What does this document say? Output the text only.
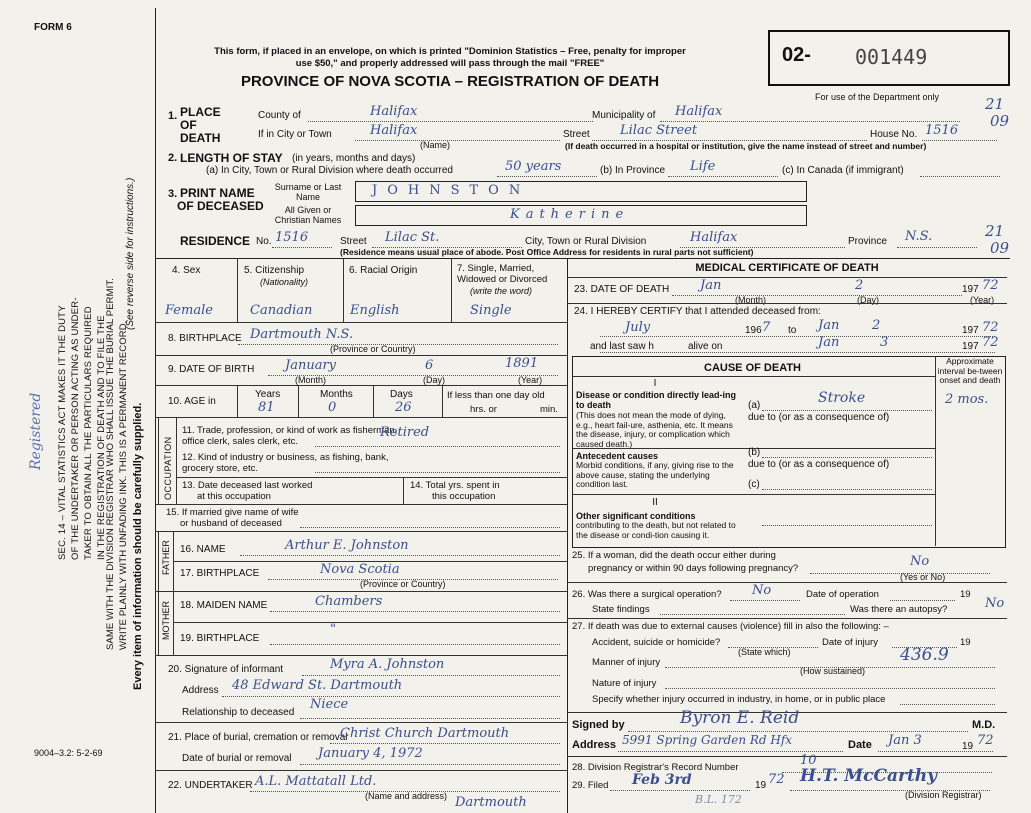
FORM 6
(See reverse side for instructions.)
SEC. 14 – VITAL STATISTICS ACT MAKES IT THE DUTY OF THE UNDERTAKER OR PERSON ACTING AS UNDER- TAKER TO OBTAIN ALL THE PARTICULARS REQUIRED IN THE REGISTRATION OF DEATH AND TO FILE THE
SAME WITH THE DIVISION REGISTRAR WHO SHALL ISSUE THE BURIAL PERMIT. WRITE PLAINLY WITH UNFADING INK. THIS IS A PERMANENT RECORD. Every item of information should be carefully supplied.
Registered
9004–3.2: 5-2-69
This form, if placed in an envelope, on which is printed "Dominion Statistics – Free, penalty for improper
use $50," and properly addressed will pass through the mail "FREE"
PROVINCE OF NOVA SCOTIA – REGISTRATION OF DEATH
02- 001449
For use of the Department only	21
09
1. PLACE OF DEATH
County of	Halifax	Municipality of Halifax
If in City or Town	Halifax
(Name)
Street Lilac Street	House No. 1516
(If death occurred in a hospital or institution, give the name instead of street and number)
2. LENGTH OF STAY (in years, months and days)
(a) In City, Town or Rural Division where death occurred	50 years	(b) In Province Life	(c) In Canada (if immigrant)
3. PRINT NAME
OF DECEASED
Surname or Last Name
All Given or Christian Names
JOHNSTON
Katherine
RESIDENCE No. 1516	Street Lilac St.	City, Town or Rural Division	Halifax	Province N.S.	21
09
(Residence means usual place of abode. Post Office Address for residents in rural parts not sufficient)
4. Sex	5. Citizenship
(Nationality)
6. Racial Origin	7. Single, Married, Widowed or Divorced
(write the word)
Female	Canadian	English	Single
8. BIRTHPLACE Dartmouth N.S.
(Province or Country)
9. DATE OF BIRTH January	6	1891
(Month)	(Day)	(Year)
10. AGE in
Years	Months	Days
81	0	26
If less than one day old
hrs. or	min.
OCCUPATION
11. Trade, profession, or kind of work as fisherman, office clerk, sales clerk, etc.
Retired
12. Kind of industry or business, as fishing, bank, grocery store, etc.
13. Date deceased last worked
at this occupation
14. Total yrs. spent in
this occupation
15. If married give name of wife
or husband of deceased
FATHER 16. NAME	Arthur E. Johnston
17. BIRTHPLACE	Nova Scotia
(Province or Country)
MOTHER 18. MAIDEN NAME	Chambers
19. BIRTHPLACE
"
20. Signature of informant	Myra A. Johnston
Address 48 Edward St. Dartmouth
Relationship to deceased
Niece
21. Place of burial, cremation or removal
Christ Church Dartmouth
Date of burial or removal January 4, 1972
22. UNDERTAKER A.L. Mattatall Ltd.
(Name and address) Dartmouth
MEDICAL CERTIFICATE OF DEATH
23. DATE OF DEATH Jan	2	197 72
(Month)	(Day)	(Year)
24. I HEREBY CERTIFY that I attended deceased from:
July	196 7 to Jan	2	197 72
and last saw h	alive on	Jan	3	197 72
CAUSE OF DEATH
Approximate interval be-tween onset and death
I
Disease or condition directly lead-ing to death
(This does not mean the mode of dying, e.g., heart fail-ure, asthenia, etc. It means the disease, injury, or complication which caused death.)
(a)	Stroke	2 mos.
due to (or as a consequence of)
Antecedent causes
Morbid conditions, if any, giving rise to the above cause, stating the underlying condition last.
(b)
due to (or as a consequence of)
(c)
II
Other significant conditions
contributing to the death, but not related to the disease or condi-tion causing it.
25. If a woman, did the death occur either during
pregnancy or within 90 days following pregnancy?	No
(Yes or No)
26. Was there a surgical operation? No	Date of operation	19
State findings	Was there an autopsy?	No
27. If death was due to external causes (violence) fill in also the following: –
Accident, suicide or homicide?	Date of injury	19
(State which)	436.9
Manner of injury
(How sustained)
Nature of injury
Specify whether injury occurred in industry, in home, or in public place
Signed by	Byron E. Reid	M.D.
Address 5991 Spring Garden Rd Hfx	Date Jan 3	19 72
28. Division Registrar's Record Number	10
29. Filed Feb 3rd	19 72 H.T. McCarthy
(Division Registrar)
B.L. 172
